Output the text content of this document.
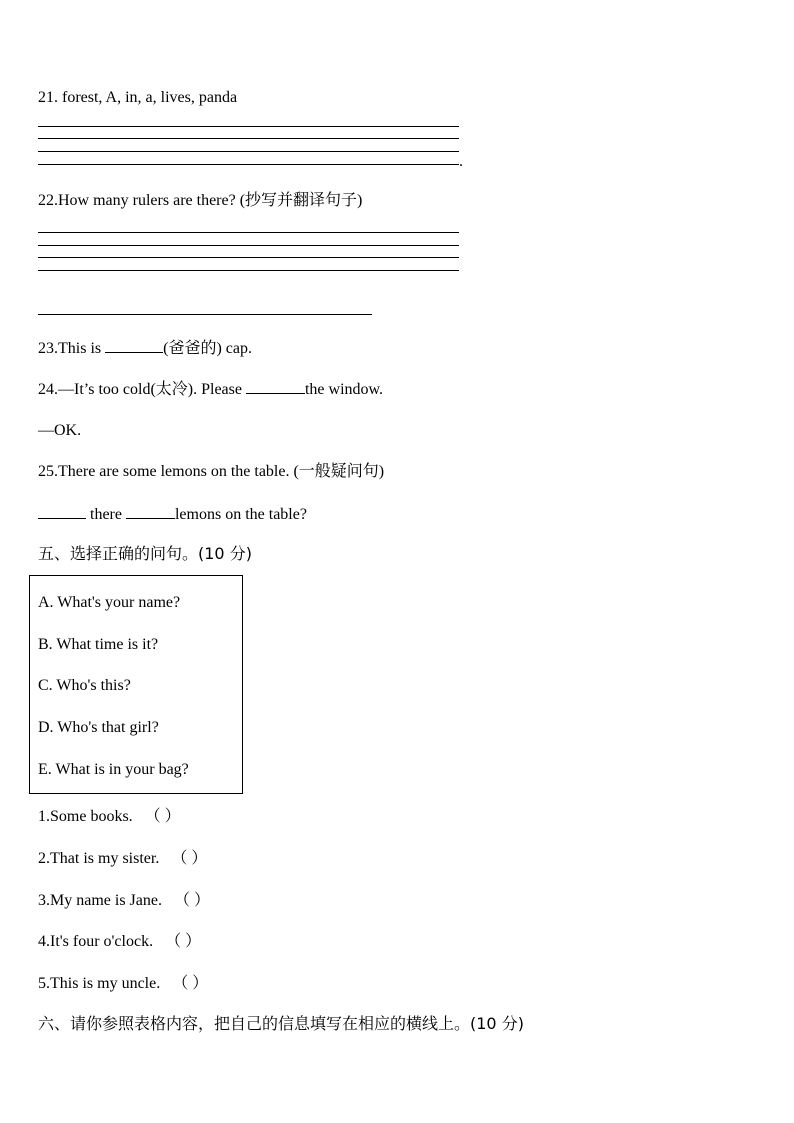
21. forest, A, in, a, lives, panda
.
22.How many rulers are there? (抄写并翻译句子)
23.This is	(爸爸的) cap.
24.—It’s too cold(太冷). Please	the window.
—OK.
25.There are some lemons on the table. (一般疑问句)
there	lemons on the table?
五、选择正确的问句。(10 分)
A. What's your name?
B. What time is it?
C. Who's this?
D. Who's that girl?
E. What is in your bag?
1.Some books. （ ）
2.That is my sister. （ ）
3.My name is Jane. （ ）
4.It's four o'clock. （ ）
5.This is my uncle. （ ）
六、请你参照表格内容，把自己的信息填写在相应的横线上。(10 分)
